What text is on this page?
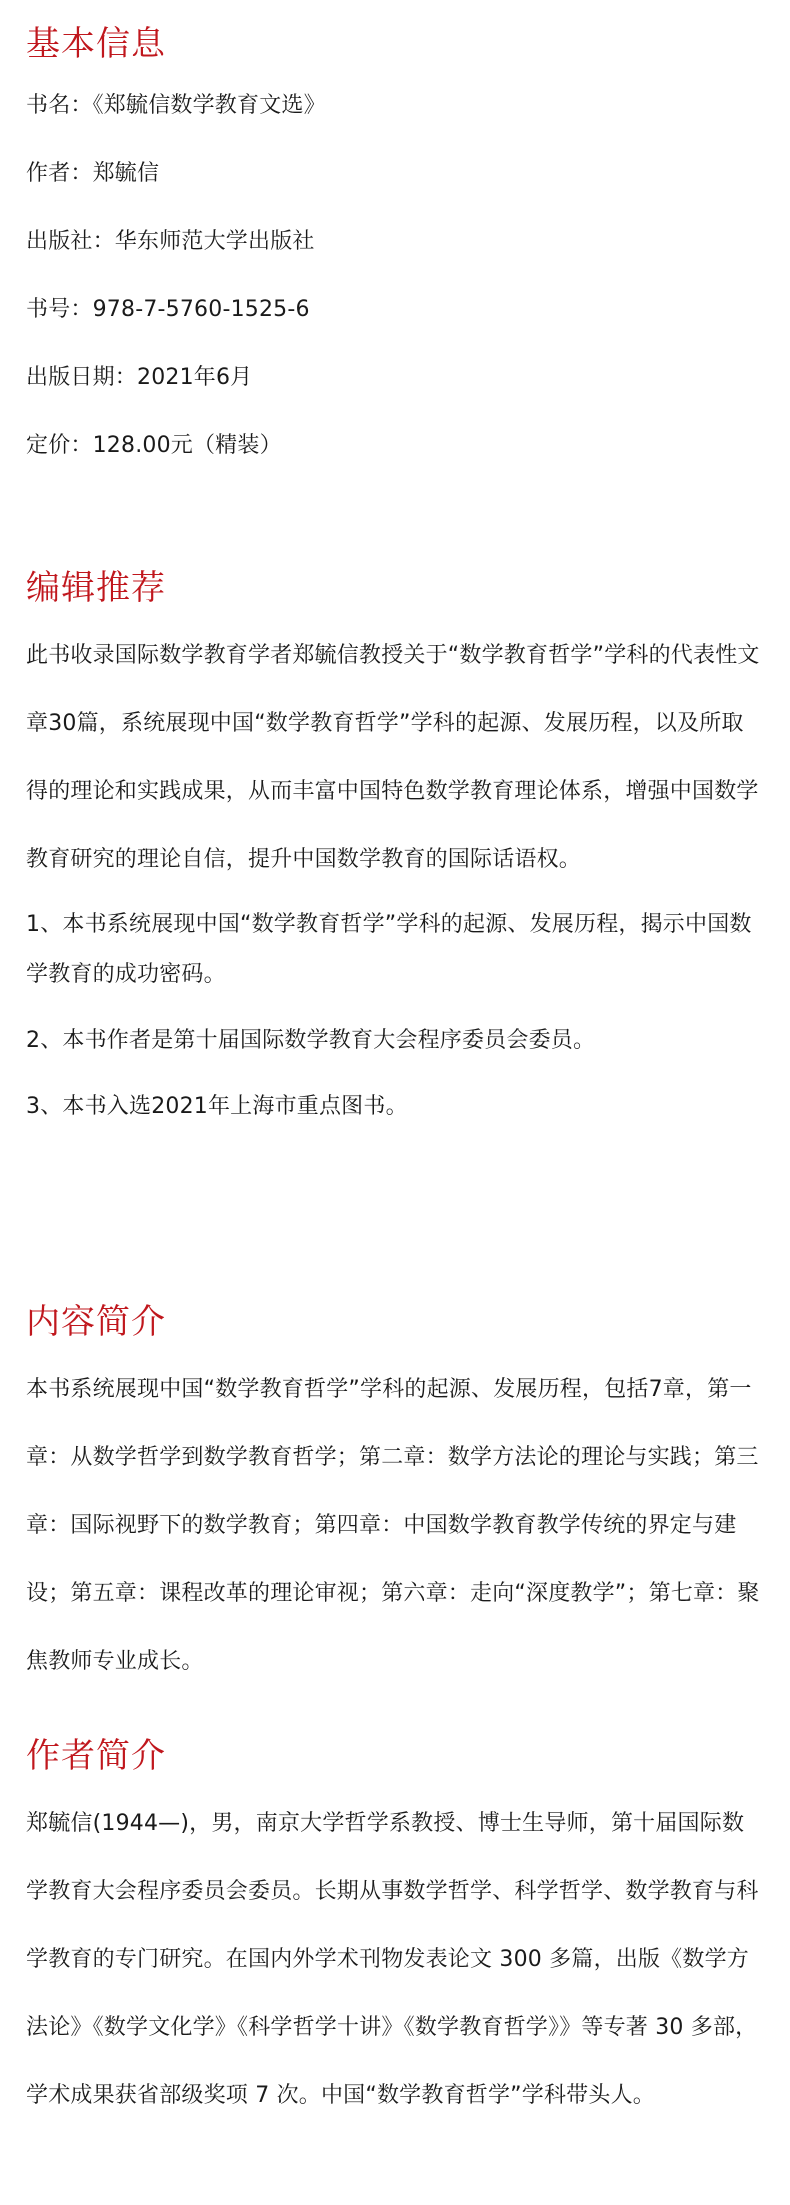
基本信息
书名：《郑毓信数学教育文选》
作者：郑毓信
出版社：华东师范大学出版社
书号：978-7-5760-1525-6
出版日期：2021年6月
定价：128.00元（精装）
编辑推荐

此书收录国际数学教育学者郑毓信教授关于“数学教育哲学”学科的代表性文章30篇，系统展现中国“数学教育哲学”学科的起源、发展历程，以及所取得的理论和实践成果，从而丰富中国特色数学教育理论体系，增强中国数学教育研究的理论自信，提升中国数学教育的国际话语权。

1、本书系统展现中国“数学教育哲学”学科的起源、发展历程，揭示中国数学教育的成功密码。

2、本书作者是第十届国际数学教育大会程序委员会委员。

3、本书入选2021年上海市重点图书。

内容简介

本书系统展现中国“数学教育哲学”学科的起源、发展历程，包括7章，第一章：从数学哲学到数学教育哲学；第二章：数学方法论的理论与实践；第三章：国际视野下的数学教育；第四章：中国数学教育教学传统的界定与建设；第五章：课程改革的理论审视；第六章：走向“深度教学”；第七章：聚焦教师专业成长。

作者简介

郑毓信(1944—)，男，南京大学哲学系教授、博士生导师，第十届国际数学教育大会程序委员会委员。长期从事数学哲学、科学哲学、数学教育与科学教育的专门研究。在国内外学术刊物发表论文 300 多篇，出版《数学方法论》《数学文化学》《科学哲学十讲》《数学教育哲学》》等专著 30 多部，学术成果获省部级奖项 7 次。中国“数学教育哲学”学科带头人。
